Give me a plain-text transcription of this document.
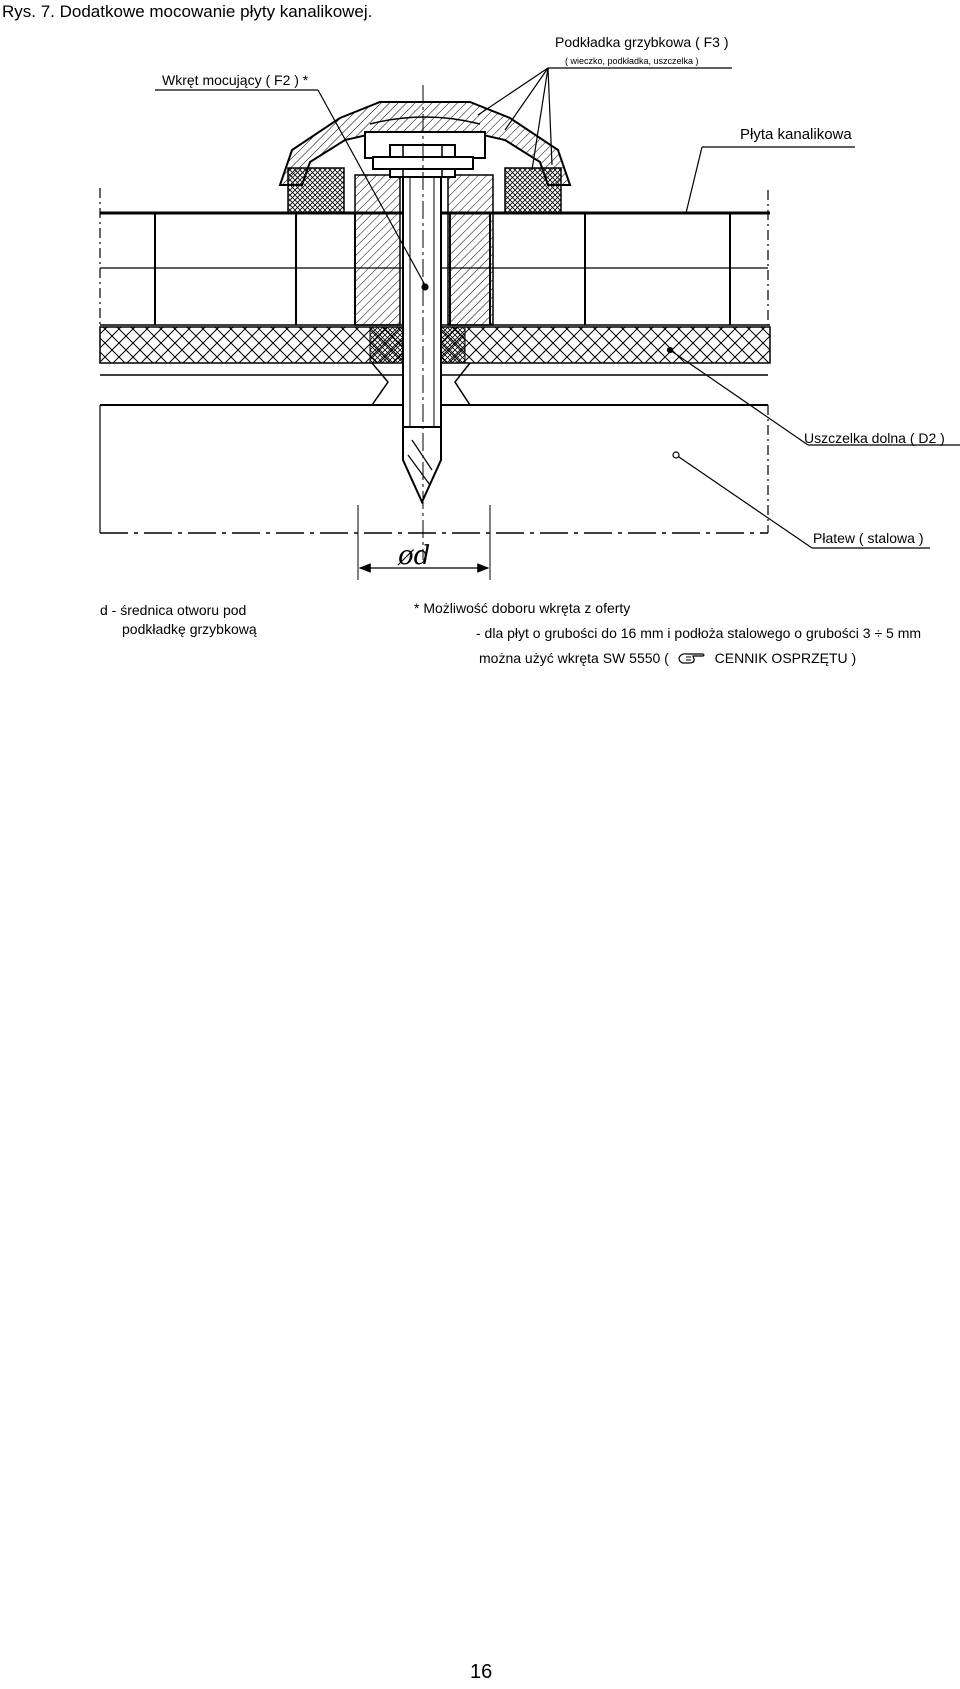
Rys. 7. Dodatkowe mocowanie płyty kanalikowej.
Podkładka grzybkowa ( F3 )
( wieczko, podkładka, uszczelka )
Wkręt mocujący ( F2 ) *
Płyta kanalikowa
Uszczelka dolna ( D2 )
Płatew ( stalowa )
ød
d - średnica otworu pod
podkładkę grzybkową
* Możliwość doboru wkręta z oferty
- dla płyt o grubości do 16 mm i podłoża stalowego o grubości 3 ÷ 5 mm
można użyć wkręta SW 5550 (	CENNIK OSPRZĘTU )
16
